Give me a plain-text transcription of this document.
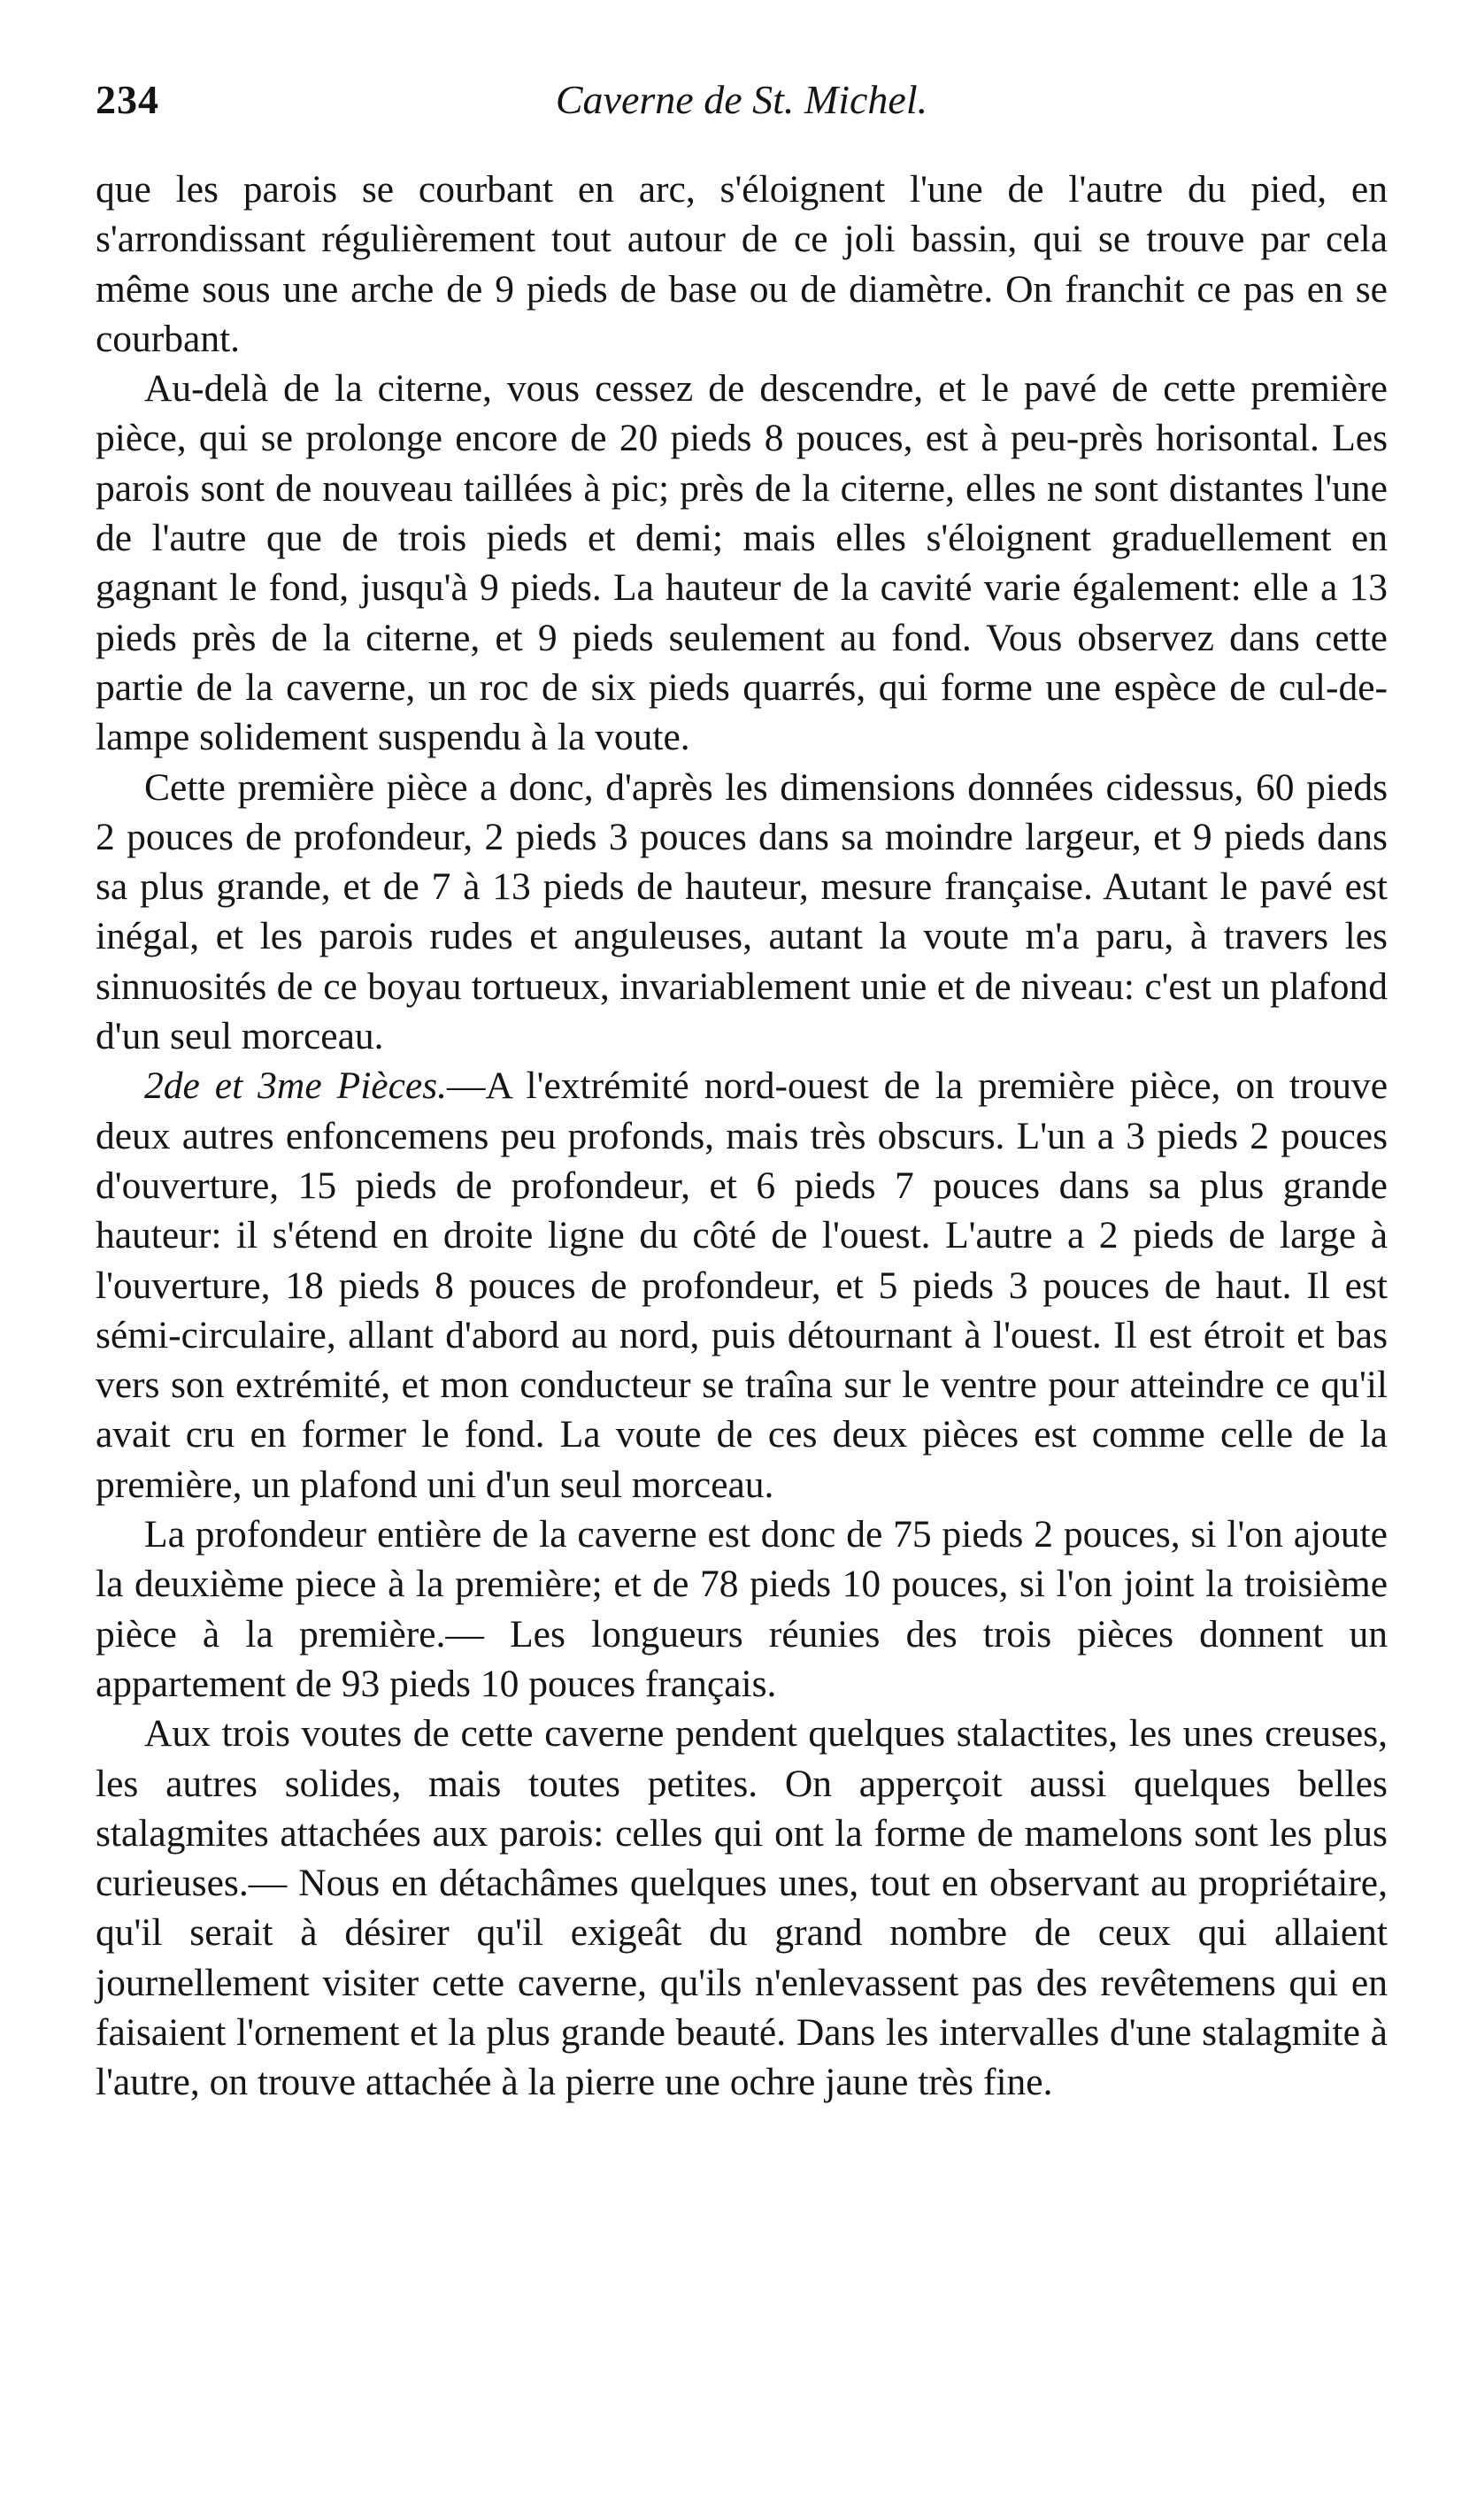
234	Caverne de St. Michel.

que les parois se courbant en arc, s'éloignent l'une de l'autre du pied, en s'arrondissant régulièrement tout autour de ce joli bassin, qui se trouve par cela même sous une arche de 9 pieds de base ou de diamètre. On franchit ce pas en se courbant.

Au-delà de la citerne, vous cessez de descendre, et le pavé de cette première pièce, qui se prolonge encore de 20 pieds 8 pouces, est à peu-près horisontal. Les parois sont de nouveau taillées à pic; près de la citerne, elles ne sont distantes l'une de l'autre que de trois pieds et demi; mais elles s'éloignent graduellement en gagnant le fond, jusqu'à 9 pieds. La hauteur de la cavité varie également: elle a 13 pieds près de la citerne, et 9 pieds seulement au fond. Vous observez dans cette partie de la caverne, un roc de six pieds quarrés, qui forme une espèce de cul-de-lampe solidement suspendu à la voute.

Cette première pièce a donc, d'après les dimensions données cidessus, 60 pieds 2 pouces de profondeur, 2 pieds 3 pouces dans sa moindre largeur, et 9 pieds dans sa plus grande, et de 7 à 13 pieds de hauteur, mesure française. Autant le pavé est inégal, et les parois rudes et anguleuses, autant la voute m'a paru, à travers les sinnuosités de ce boyau tortueux, invariablement unie et de niveau: c'est un plafond d'un seul morceau.

2de et 3me Pièces.—A l'extrémité nord-ouest de la première pièce, on trouve deux autres enfoncemens peu profonds, mais très obscurs. L'un a 3 pieds 2 pouces d'ouverture, 15 pieds de profondeur, et 6 pieds 7 pouces dans sa plus grande hauteur: il s'étend en droite ligne du côté de l'ouest. L'autre a 2 pieds de large à l'ouverture, 18 pieds 8 pouces de profondeur, et 5 pieds 3 pouces de haut. Il est sémi-circulaire, allant d'abord au nord, puis détournant à l'ouest. Il est étroit et bas vers son extrémité, et mon conducteur se traîna sur le ventre pour atteindre ce qu'il avait cru en former le fond. La voute de ces deux pièces est comme celle de la première, un plafond uni d'un seul morceau.

La profondeur entière de la caverne est donc de 75 pieds 2 pouces, si l'on ajoute la deuxième piece à la première; et de 78 pieds 10 pouces, si l'on joint la troisième pièce à la première.— Les longueurs réunies des trois pièces donnent un appartement de 93 pieds 10 pouces français.

Aux trois voutes de cette caverne pendent quelques stalactites, les unes creuses, les autres solides, mais toutes petites. On apperçoit aussi quelques belles stalagmites attachées aux parois: celles qui ont la forme de mamelons sont les plus curieuses.— Nous en détachâmes quelques unes, tout en observant au propriétaire, qu'il serait à désirer qu'il exigeât du grand nombre de ceux qui allaient journellement visiter cette caverne, qu'ils n'enlevassent pas des revêtemens qui en faisaient l'ornement et la plus grande beauté. Dans les intervalles d'une stalagmite à l'autre, on trouve attachée à la pierre une ochre jaune très fine.
